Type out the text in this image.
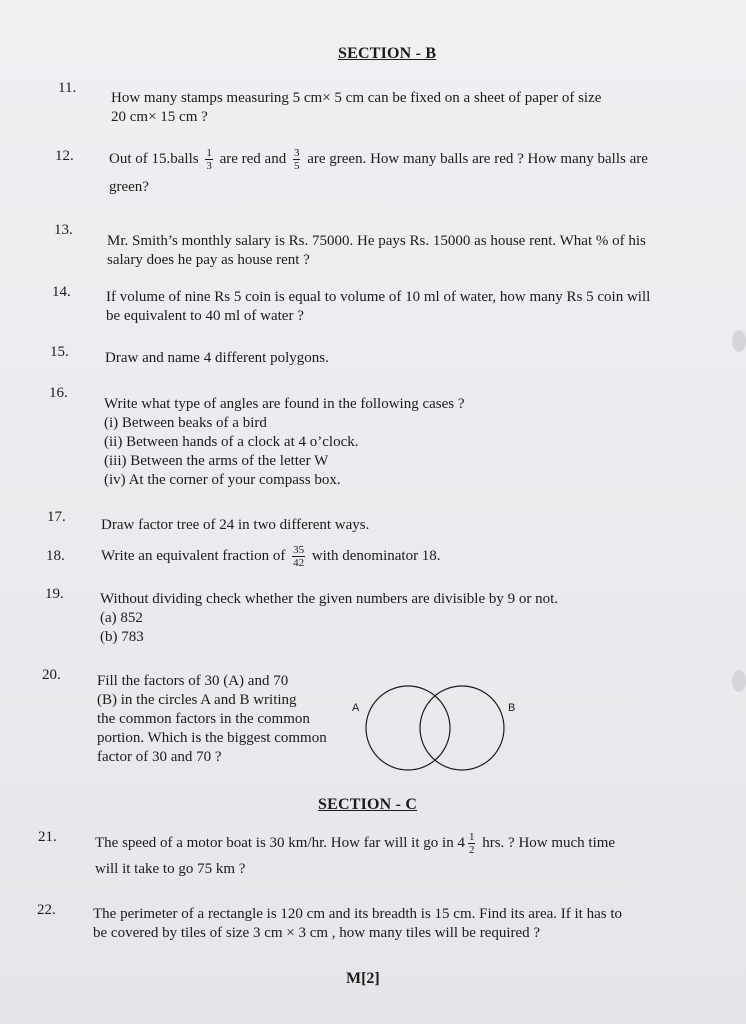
SECTION - B
11.
How many stamps measuring 5 cm× 5 cm can be fixed on a sheet of paper of size
20 cm× 15 cm ?
12. Out of 15.balls $\frac{1}{3}$ are red and $\frac{3}{5}$ are green. How many balls are red ? How many balls are
green?
13.
Mr. Smith’s monthly salary is Rs. 75000. He pays Rs. 15000 as house rent. What % of his
salary does he pay as house rent ?
14. If volume of nine Rs 5 coin is equal to volume of 10 ml of water, how many Rs 5 coin will
be equivalent to 40 ml of water ?
15. Draw and name 4 different polygons.
16.
Write what type of angles are found in the following cases ?
(i) Between beaks of a bird
(ii) Between hands of a clock at 4 o’clock.
(iii) Between the arms of the letter W
(iv) At the corner of your compass box.
17. Draw factor tree of 24 in two different ways.
18. Write an equivalent fraction of $\frac{35}{42}$ with denominator 18.
19. Without dividing check whether the given numbers are divisible by 9 or not.
(a) 852
(b) 783
20. Fill the factors of 30 (A) and 70
(B) in the circles A and B writing
the common factors in the common
portion. Which is the biggest common
factor of 30 and 70 ?
A	B
SECTION - C
21.	The speed of a motor boat is 30 km/hr. How far will it go in $4 \frac{1}{2}$ hrs. ? How much time
will it take to go 75 km ?
22. The perimeter of a rectangle is 120 cm and its breadth is 15 cm. Find its area. If it has to
be covered by tiles of size 3 cm × 3 cm , how many tiles will be required ?
M[2]
